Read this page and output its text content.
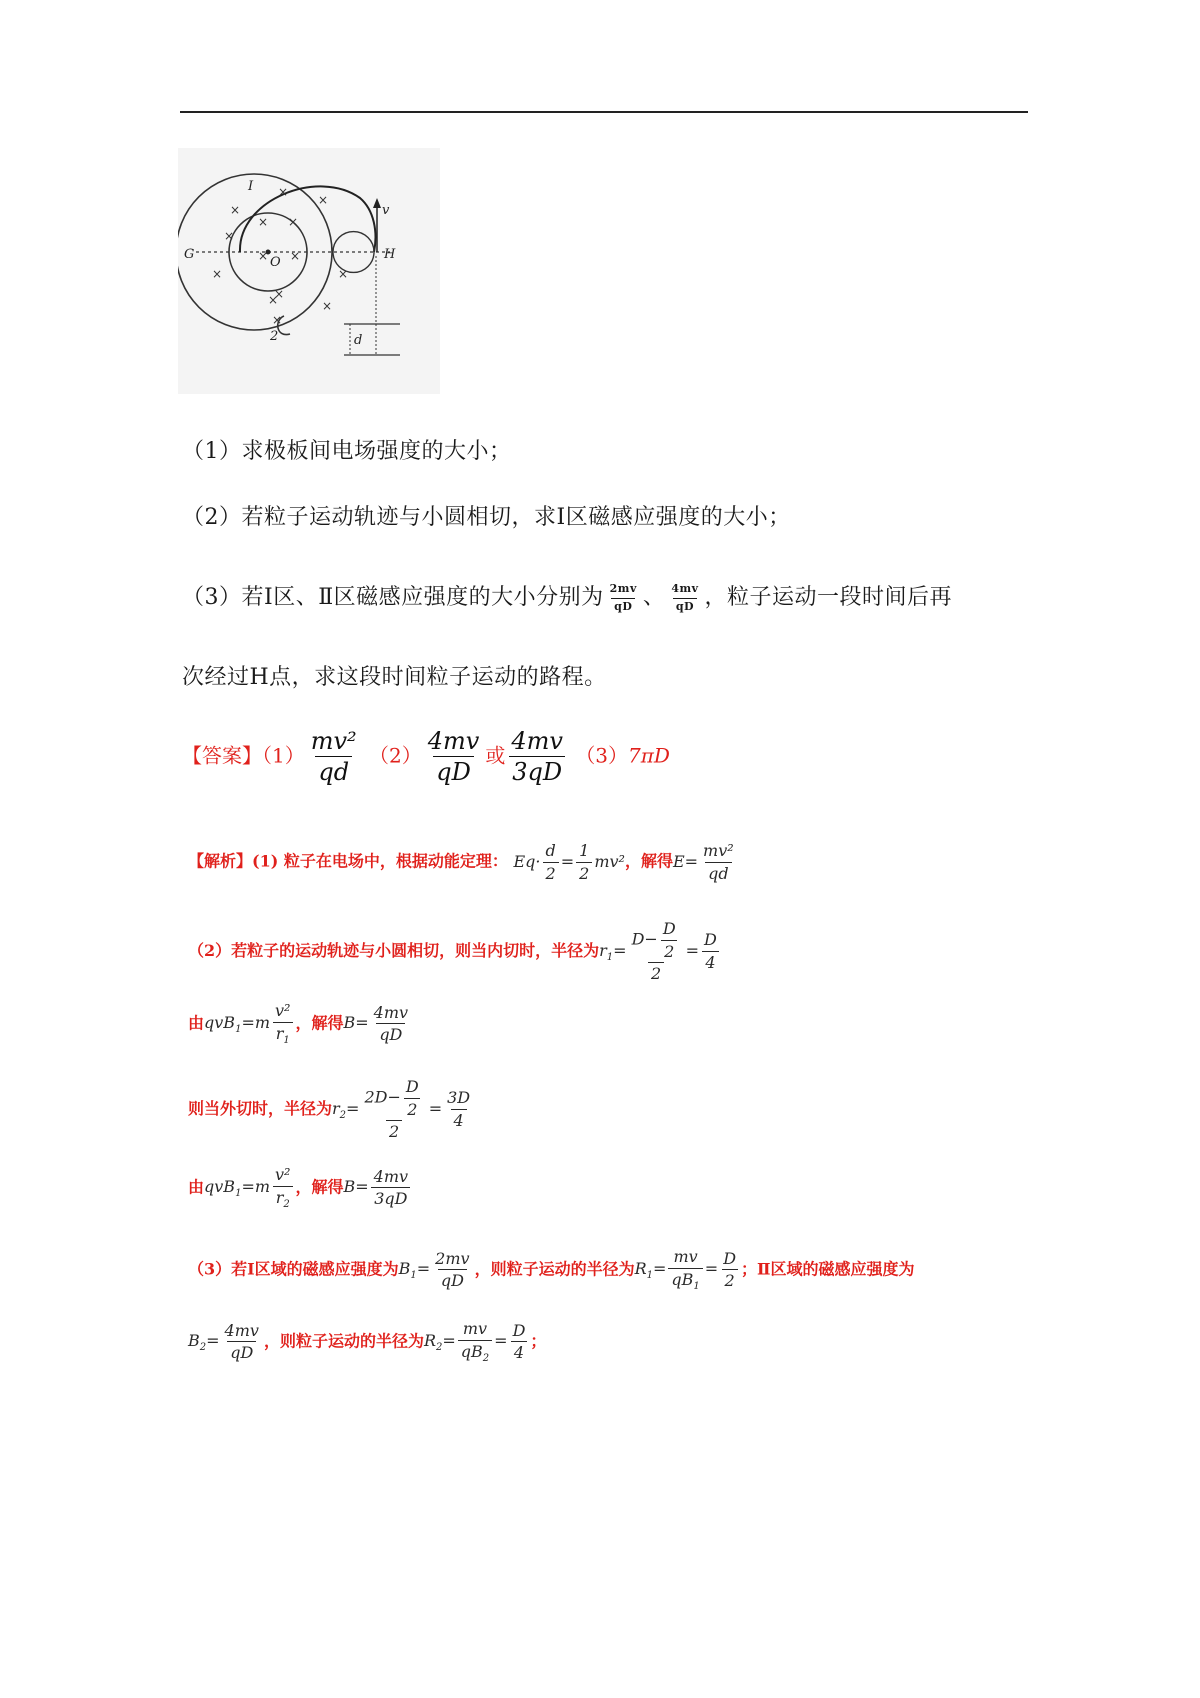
×
×
×
×
×
×
×
× ×
× ×
×	×
×
I
O
G	H
v
d
2
（1）求极板间电场强度的大小；
（2）若粒子运动轨迹与小圆相切，求Ⅰ区磁感应强度的大小；
（3）若Ⅰ区、Ⅱ区磁感应强度的大小分别为 $\frac{2mv}{qD}$ 、 $\frac{4mv}{qD}$ ，粒子运动一段时间后再
次经过H点，求这段时间粒子运动的路程。
【答案】$(1) \frac{\text{mv²}}{qd} (2) \frac{4mv}{qD}$ 或 $\frac{4mv}{3qD} (3)7\pi D$
【解析】(1) 粒子在电场中，根据动能定理： $Eq\cdot \frac{d}{2} = \frac{1}{2} mv^2$，解得$E= \frac{\text{mv²}}{qd}$
（2）若粒子的运动轨迹与小圆相切，则当内切时，半径为$r_1= \frac{D- \frac{D}{2}}{2} = \frac{D}{4}$
由$qvB_1=m \frac{\text{v²}}{r_1}$ ，解得$B= \frac{4mv}{qD}$
则当外切时，半径为$r_2= \frac{2D- \frac{D}{2}}{2} = \frac{3D}{4}$
由$qvB_1=m \frac{\text{v²}}{r_2}$ ，解得$B= \frac{4mv}{3qD}$
（3）若Ⅰ区域的磁感应强度为$B_1= \frac{2mv}{qD}$ ，则粒子运动的半径为$R_1= \frac{mv}{qB_1} = \frac{D}{2}$ ；Ⅱ区域的磁感应强度为
$B_2= \frac{4mv}{qD}$ ，则粒子运动的半径为$R_2= \frac{mv}{qB_2} = \frac{D}{4}$ ；
